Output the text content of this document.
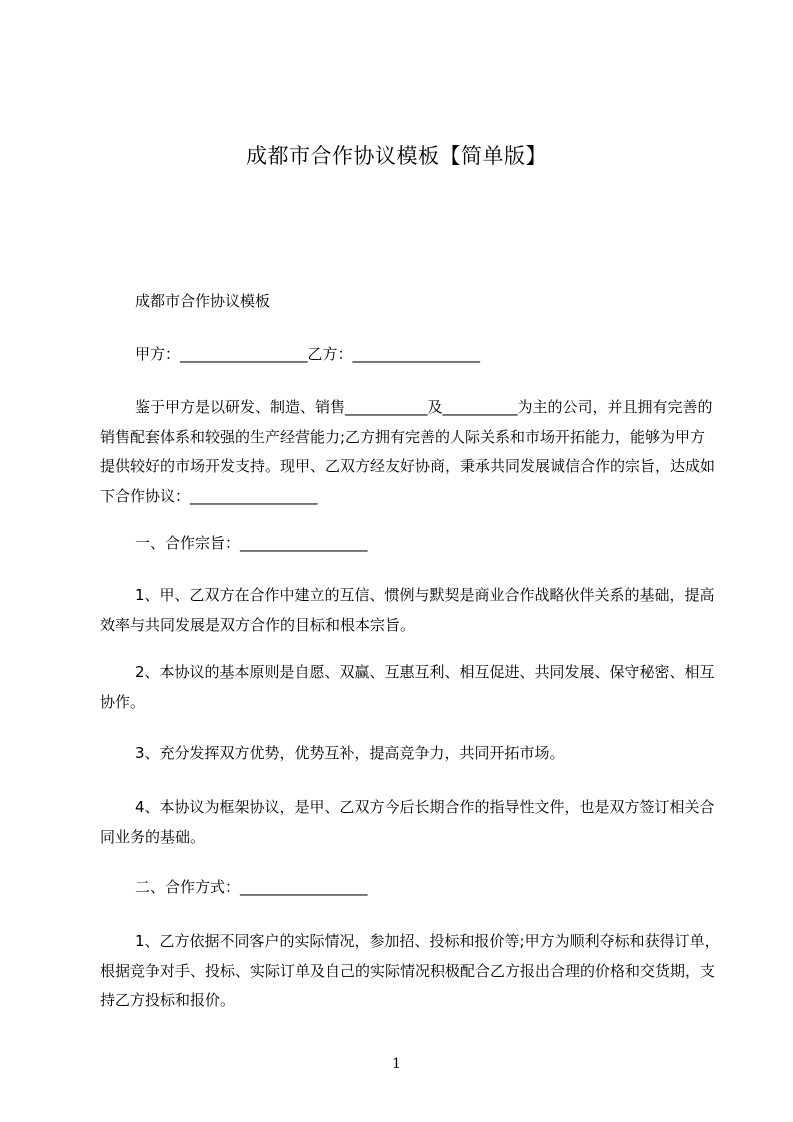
成都市合作协议模板【简单版】

成都市合作协议模板

甲方：_________________乙方：_________________

鉴于甲方是以研发、制造、销售___________及__________为主的公司，并且拥有完善的销售配套体系和较强的生产经营能力;乙方拥有完善的人际关系和市场开拓能力，能够为甲方提供较好的市场开发支持。现甲、乙双方经友好协商，秉承共同发展诚信合作的宗旨，达成如下合作协议：_________________

一、合作宗旨：_________________

1、甲、乙双方在合作中建立的互信、惯例与默契是商业合作战略伙伴关系的基础，提高效率与共同发展是双方合作的目标和根本宗旨。

2、本协议的基本原则是自愿、双赢、互惠互利、相互促进、共同发展、保守秘密、相互协作。

3、充分发挥双方优势，优势互补，提高竞争力，共同开拓市场。

4、本协议为框架协议，是甲、乙双方今后长期合作的指导性文件，也是双方签订相关合同业务的基础。

二、合作方式：_________________

1、乙方依据不同客户的实际情况，参加招、投标和报价等;甲方为顺利夺标和获得订单，根据竞争对手、投标、实际订单及自己的实际情况积极配合乙方报出合理的价格和交货期，支持乙方投标和报价。

1
